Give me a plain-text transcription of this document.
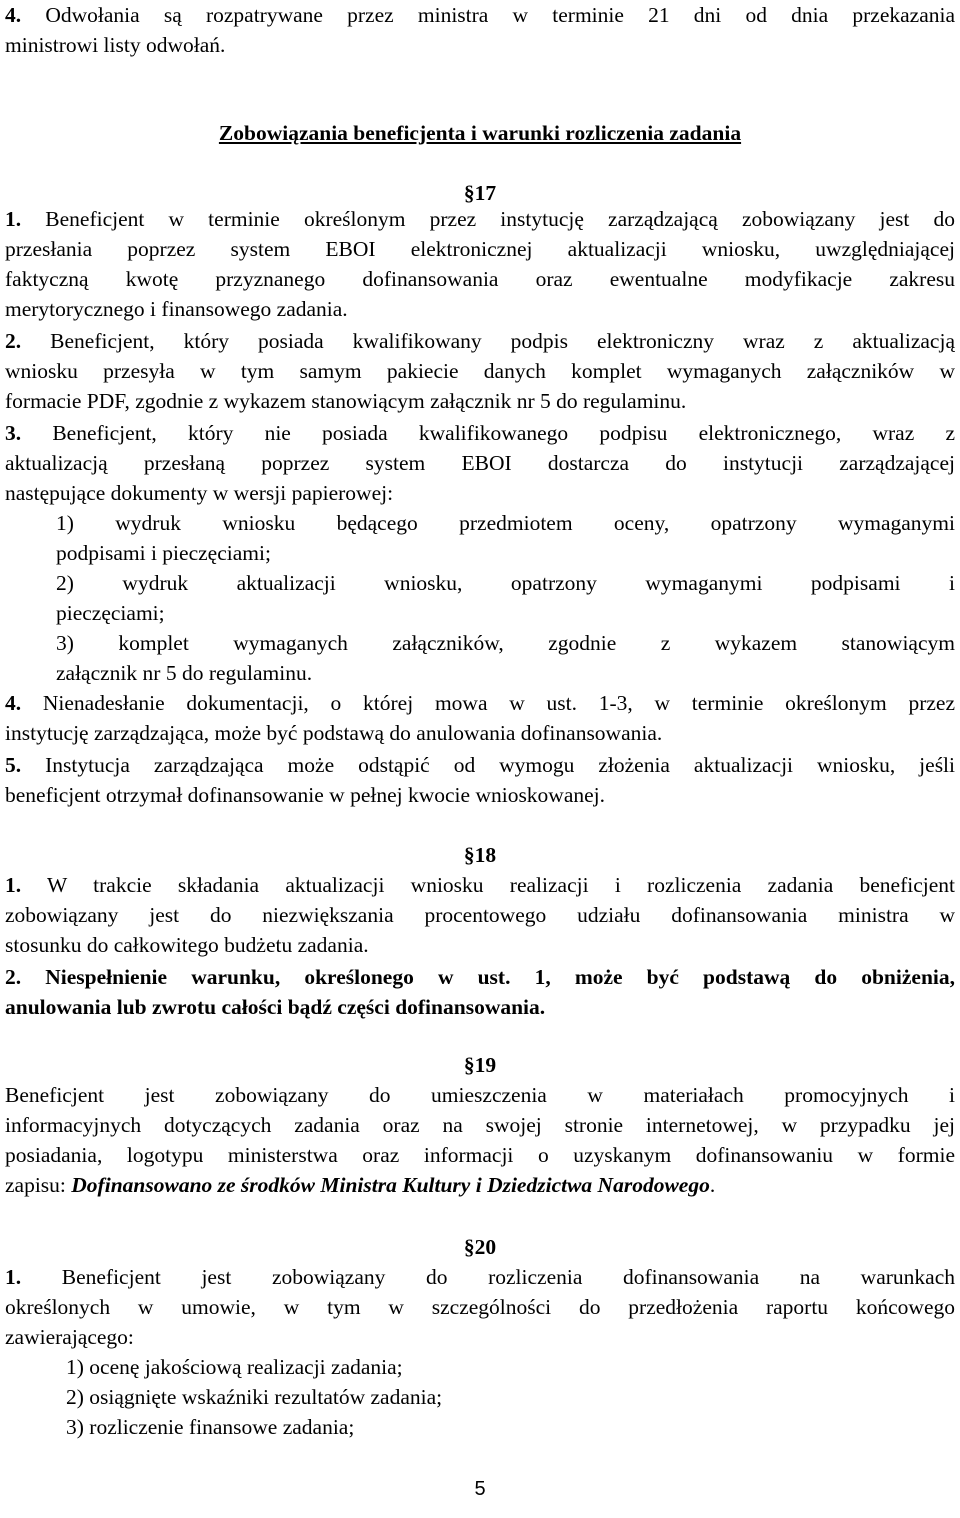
4. Odwołania są rozpatrywane przez ministra w terminie 21 dni od dnia przekazania
ministrowi listy odwołań.
Zobowiązania beneficjenta i warunki rozliczenia zadania
§17
1. Beneficjent w terminie określonym przez instytucję zarządzającą zobowiązany jest do
przesłania poprzez system EBOI elektronicznej aktualizacji wniosku, uwzględniającej
faktyczną kwotę przyznanego dofinansowania oraz ewentualne modyfikacje zakresu
merytorycznego i finansowego zadania.
2. Beneficjent, który posiada kwalifikowany podpis elektroniczny wraz z aktualizacją
wniosku przesyła w tym samym pakiecie danych komplet wymaganych załączników w
formacie PDF, zgodnie z wykazem stanowiącym załącznik nr 5 do regulaminu.
3. Beneficjent, który nie posiada kwalifikowanego podpisu elektronicznego, wraz z
aktualizacją przesłaną poprzez system EBOI dostarcza do instytucji zarządzającej
następujące dokumenty w wersji papierowej:
1) wydruk wniosku będącego przedmiotem oceny, opatrzony wymaganymi
podpisami i pieczęciami;
2) wydruk aktualizacji wniosku, opatrzony wymaganymi podpisami i
pieczęciami;
3) komplet wymaganych załączników, zgodnie z wykazem stanowiącym
załącznik nr 5 do regulaminu.
4. Nienadesłanie dokumentacji, o której mowa w ust. 1-3, w terminie określonym przez
instytucję zarządzająca, może być podstawą do anulowania dofinansowania.
5. Instytucja zarządzająca może odstąpić od wymogu złożenia aktualizacji wniosku, jeśli
beneficjent otrzymał dofinansowanie w pełnej kwocie wnioskowanej.
§18
1. W trakcie składania aktualizacji wniosku realizacji i rozliczenia zadania beneficjent
zobowiązany jest do niezwiększania procentowego udziału dofinansowania ministra w
stosunku do całkowitego budżetu zadania.
2. Niespełnienie warunku, określonego w ust. 1, może być podstawą do obniżenia,
anulowania lub zwrotu całości bądź części dofinansowania.
§19
Beneficjent jest zobowiązany do umieszczenia w materiałach promocyjnych i
informacyjnych dotyczących zadania oraz na swojej stronie internetowej, w przypadku jej
posiadania, logotypu ministerstwa oraz informacji o uzyskanym dofinansowaniu w formie
zapisu: Dofinansowano ze środków Ministra Kultury i Dziedzictwa Narodowego.
§20
1. Beneficjent jest zobowiązany do rozliczenia dofinansowania na warunkach
określonych w umowie, w tym w szczególności do przedłożenia raportu końcowego
zawierającego:
1) ocenę jakościową realizacji zadania;
2) osiągnięte wskaźniki rezultatów zadania;
3) rozliczenie finansowe zadania;
5
